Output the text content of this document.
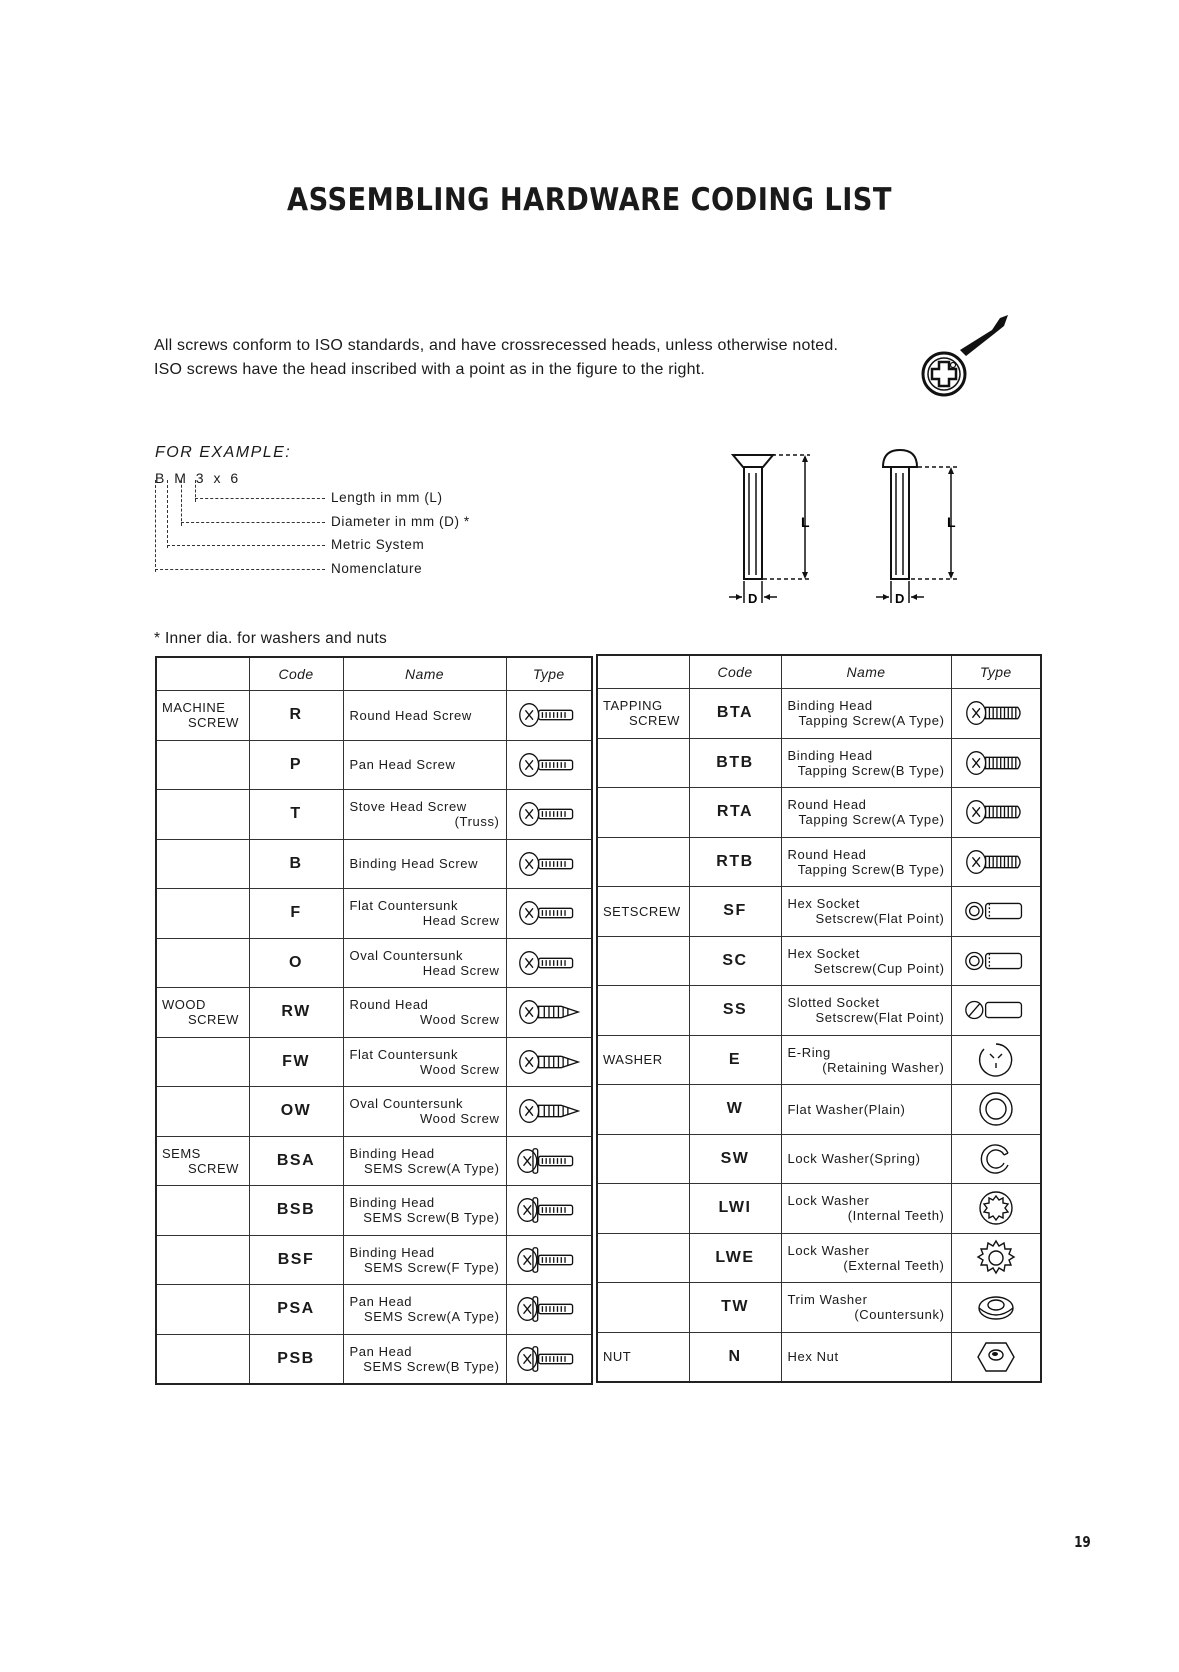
ASSEMBLING HARDWARE CODING LIST
All screws conform to ISO standards, and have crossrecessed heads, unless otherwise noted.
ISO screws have the head inscribed with a point as in the figure to the right.
FOR EXAMPLE:
B M 3 x 6
Length in mm (L)
Diameter in mm (D) *
Metric System
Nomenclature
L	L
D	D
* Inner dia. for washers and nuts
	Code	Name	Type
MACHINE
SCREW	R	Round Head Screw

	P	Pan Head Screw

	T	Stove Head Screw
(Truss)

	B	Binding Head Screw

	F	Flat Countersunk
Head Screw

	O	Oval Countersunk
Head Screw

WOOD
SCREW	RW	Round Head
Wood Screw

	FW	Flat Countersunk
Wood Screw

	OW	Oval Countersunk
Wood Screw

SEMS
SCREW	BSA	Binding Head
SEMS Screw(A Type)

	BSB	Binding Head
SEMS Screw(B Type)

	BSF	Binding Head
SEMS Screw(F Type)

	PSA	Pan Head
SEMS Screw(A Type)

	PSB	Pan Head
SEMS Screw(B Type)

	Code	Name	Type
TAPPING
SCREW	BTA	Binding Head
Tapping Screw(A Type)

	BTB	Binding Head
Tapping Screw(B Type)

	RTA	Round Head
Tapping Screw(A Type)

	RTB	Round Head
Tapping Screw(B Type)

SETSCREW	SF	Hex Socket
Setscrew(Flat Point)

	SC	Hex Socket
Setscrew(Cup Point)

	SS	Slotted Socket
Setscrew(Flat Point)

WASHER	E	E-Ring
(Retaining Washer)

	W	Flat Washer(Plain)

	SW	Lock Washer(Spring)

	LWI	Lock Washer
(Internal Teeth)

	LWE	Lock Washer
(External Teeth)

	TW	Trim Washer
(Countersunk)

NUT	N	Hex Nut

19
